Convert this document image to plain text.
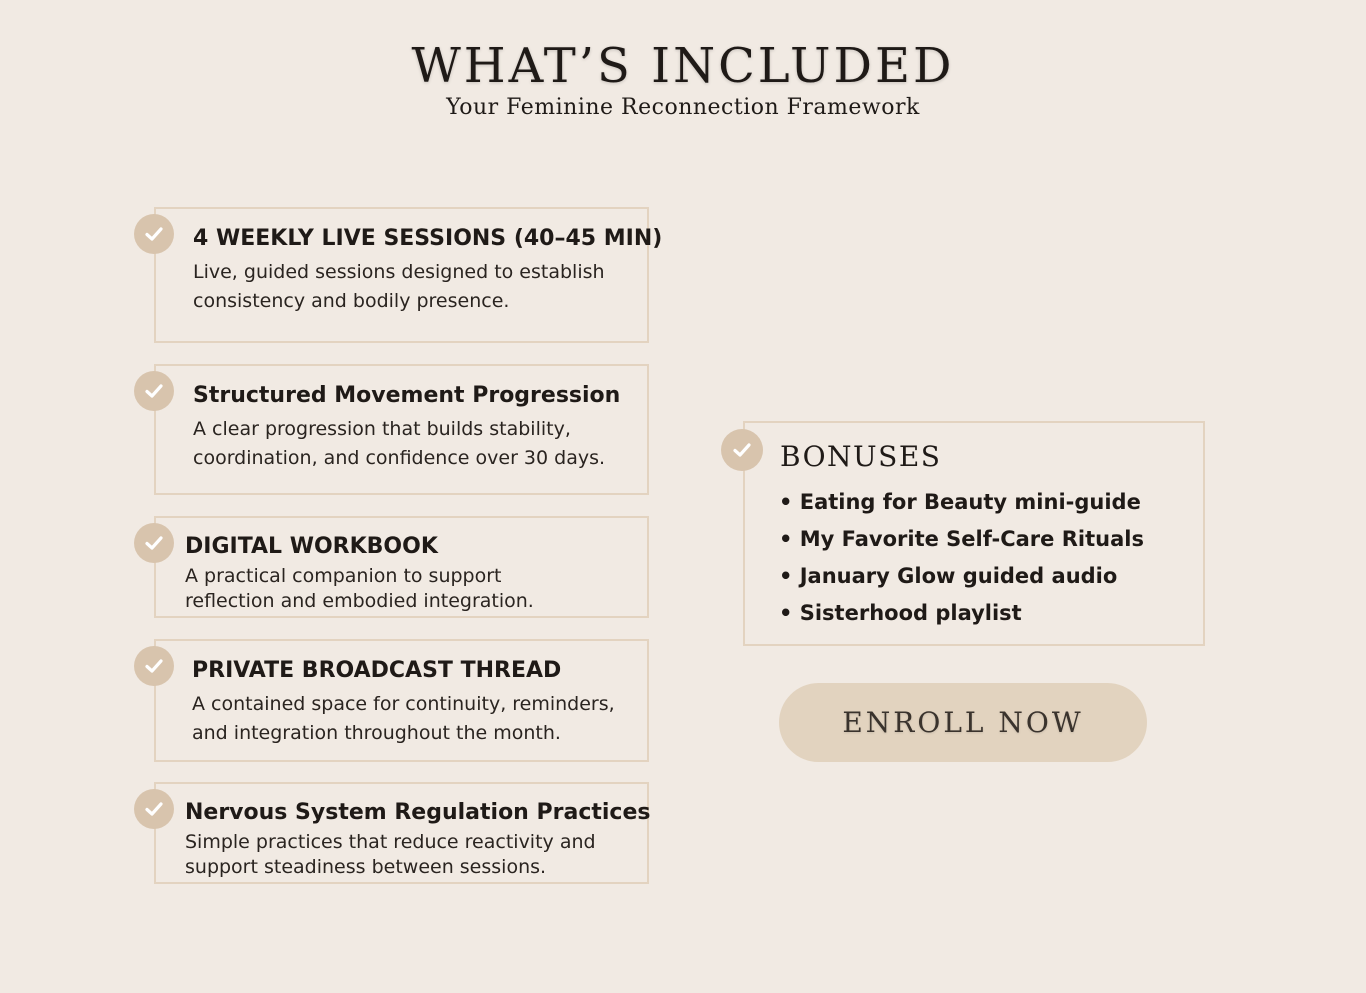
WHAT’S INCLUDED
Your Feminine Reconnection Framework
4 WEEKLY LIVE SESSIONS (40–45 MIN)
Live, guided sessions designed to establish
consistency and bodily presence.
Structured Movement Progression
A clear progression that builds stability,
coordination, and confidence over 30 days.
DIGITAL WORKBOOK
A practical companion to support
reflection and embodied integration.
PRIVATE BROADCAST THREAD
A contained space for continuity, reminders,
and integration throughout the month.
Nervous System Regulation Practices
Simple practices that reduce reactivity and
support steadiness between sessions.
BONUSES
• Eating for Beauty mini-guide
• My Favorite Self-Care Rituals
• January Glow guided audio
• Sisterhood playlist
ENROLL NOW
